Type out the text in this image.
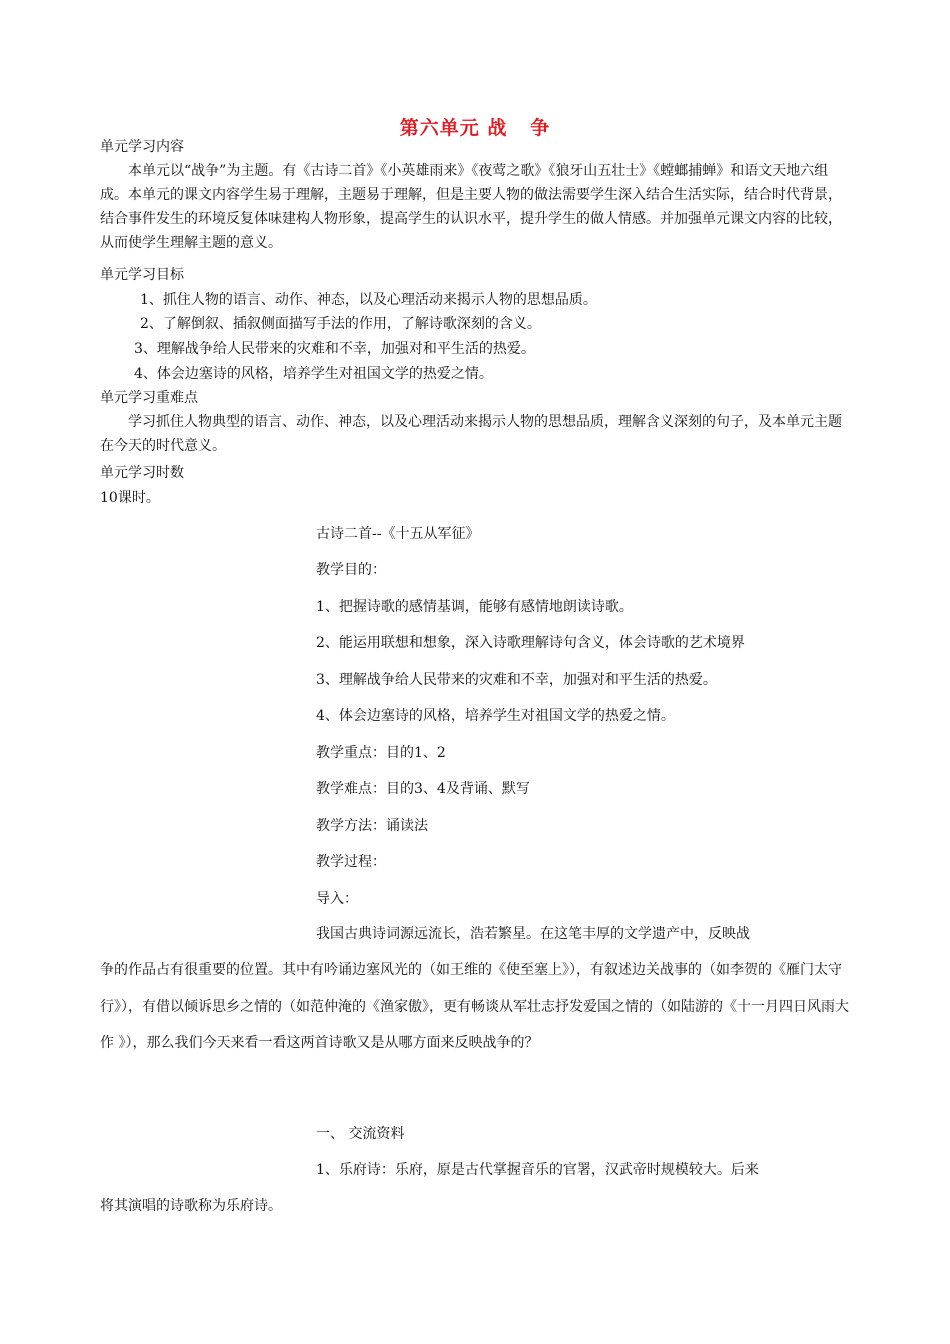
第六单元 战   争
单元学习内容
本单元以“战争”为主题。有《古诗二首》《小英雄雨来》《夜莺之歌》《狼牙山五壮士》《螳螂捕蝉》和语文天地六组成。本单元的课文内容学生易于理解，主题易于理解，但是主要人物的做法需要学生深入结合生活实际，结合时代背景，结合事件发生的环境反复体味建构人物形象，提高学生的认识水平，提升学生的做人情感。并加强单元课文内容的比较，从而使学生理解主题的意义。
单元学习目标
1、抓住人物的语言、动作、神态，以及心理活动来揭示人物的思想品质。
2、了解倒叙、插叙侧面描写手法的作用，了解诗歌深刻的含义。
3、理解战争给人民带来的灾难和不幸，加强对和平生活的热爱。
4、体会边塞诗的风格，培养学生对祖国文学的热爱之情。
单元学习重难点
学习抓住人物典型的语言、动作、神态，以及心理活动来揭示人物的思想品质，理解含义深刻的句子，及本单元主题在今天的时代意义。
单元学习时数
10课时。
古诗二首--《十五从军征》
教学目的：
1、把握诗歌的感情基调，能够有感情地朗读诗歌。
2、能运用联想和想象，深入诗歌理解诗句含义，体会诗歌的艺术境界
3、理解战争给人民带来的灾难和不幸，加强对和平生活的热爱。
4、体会边塞诗的风格，培养学生对祖国文学的热爱之情。
教学重点：目的1、2
教学难点：目的3、4及背诵、默写
教学方法：诵读法
教学过程：
导入：
我国古典诗词源远流长，浩若繁星。在这笔丰厚的文学遗产中，反映战
争的作品占有很重要的位置。其中有吟诵边塞风光的（如王维的《使至塞上》），有叙述边关战事的（如李贺的《雁门太守行》），有借以倾诉思乡之情的（如范仲淹的《渔家傲》，更有畅谈从军壮志抒发爱国之情的（如陆游的《十一月四日风雨大作 》），那么我们今天来看一看这两首诗歌又是从哪方面来反映战争的？
一、 交流资料
1、乐府诗：乐府，原是古代掌握音乐的官署，汉武帝时规模较大。后来
将其演唱的诗歌称为乐府诗。
